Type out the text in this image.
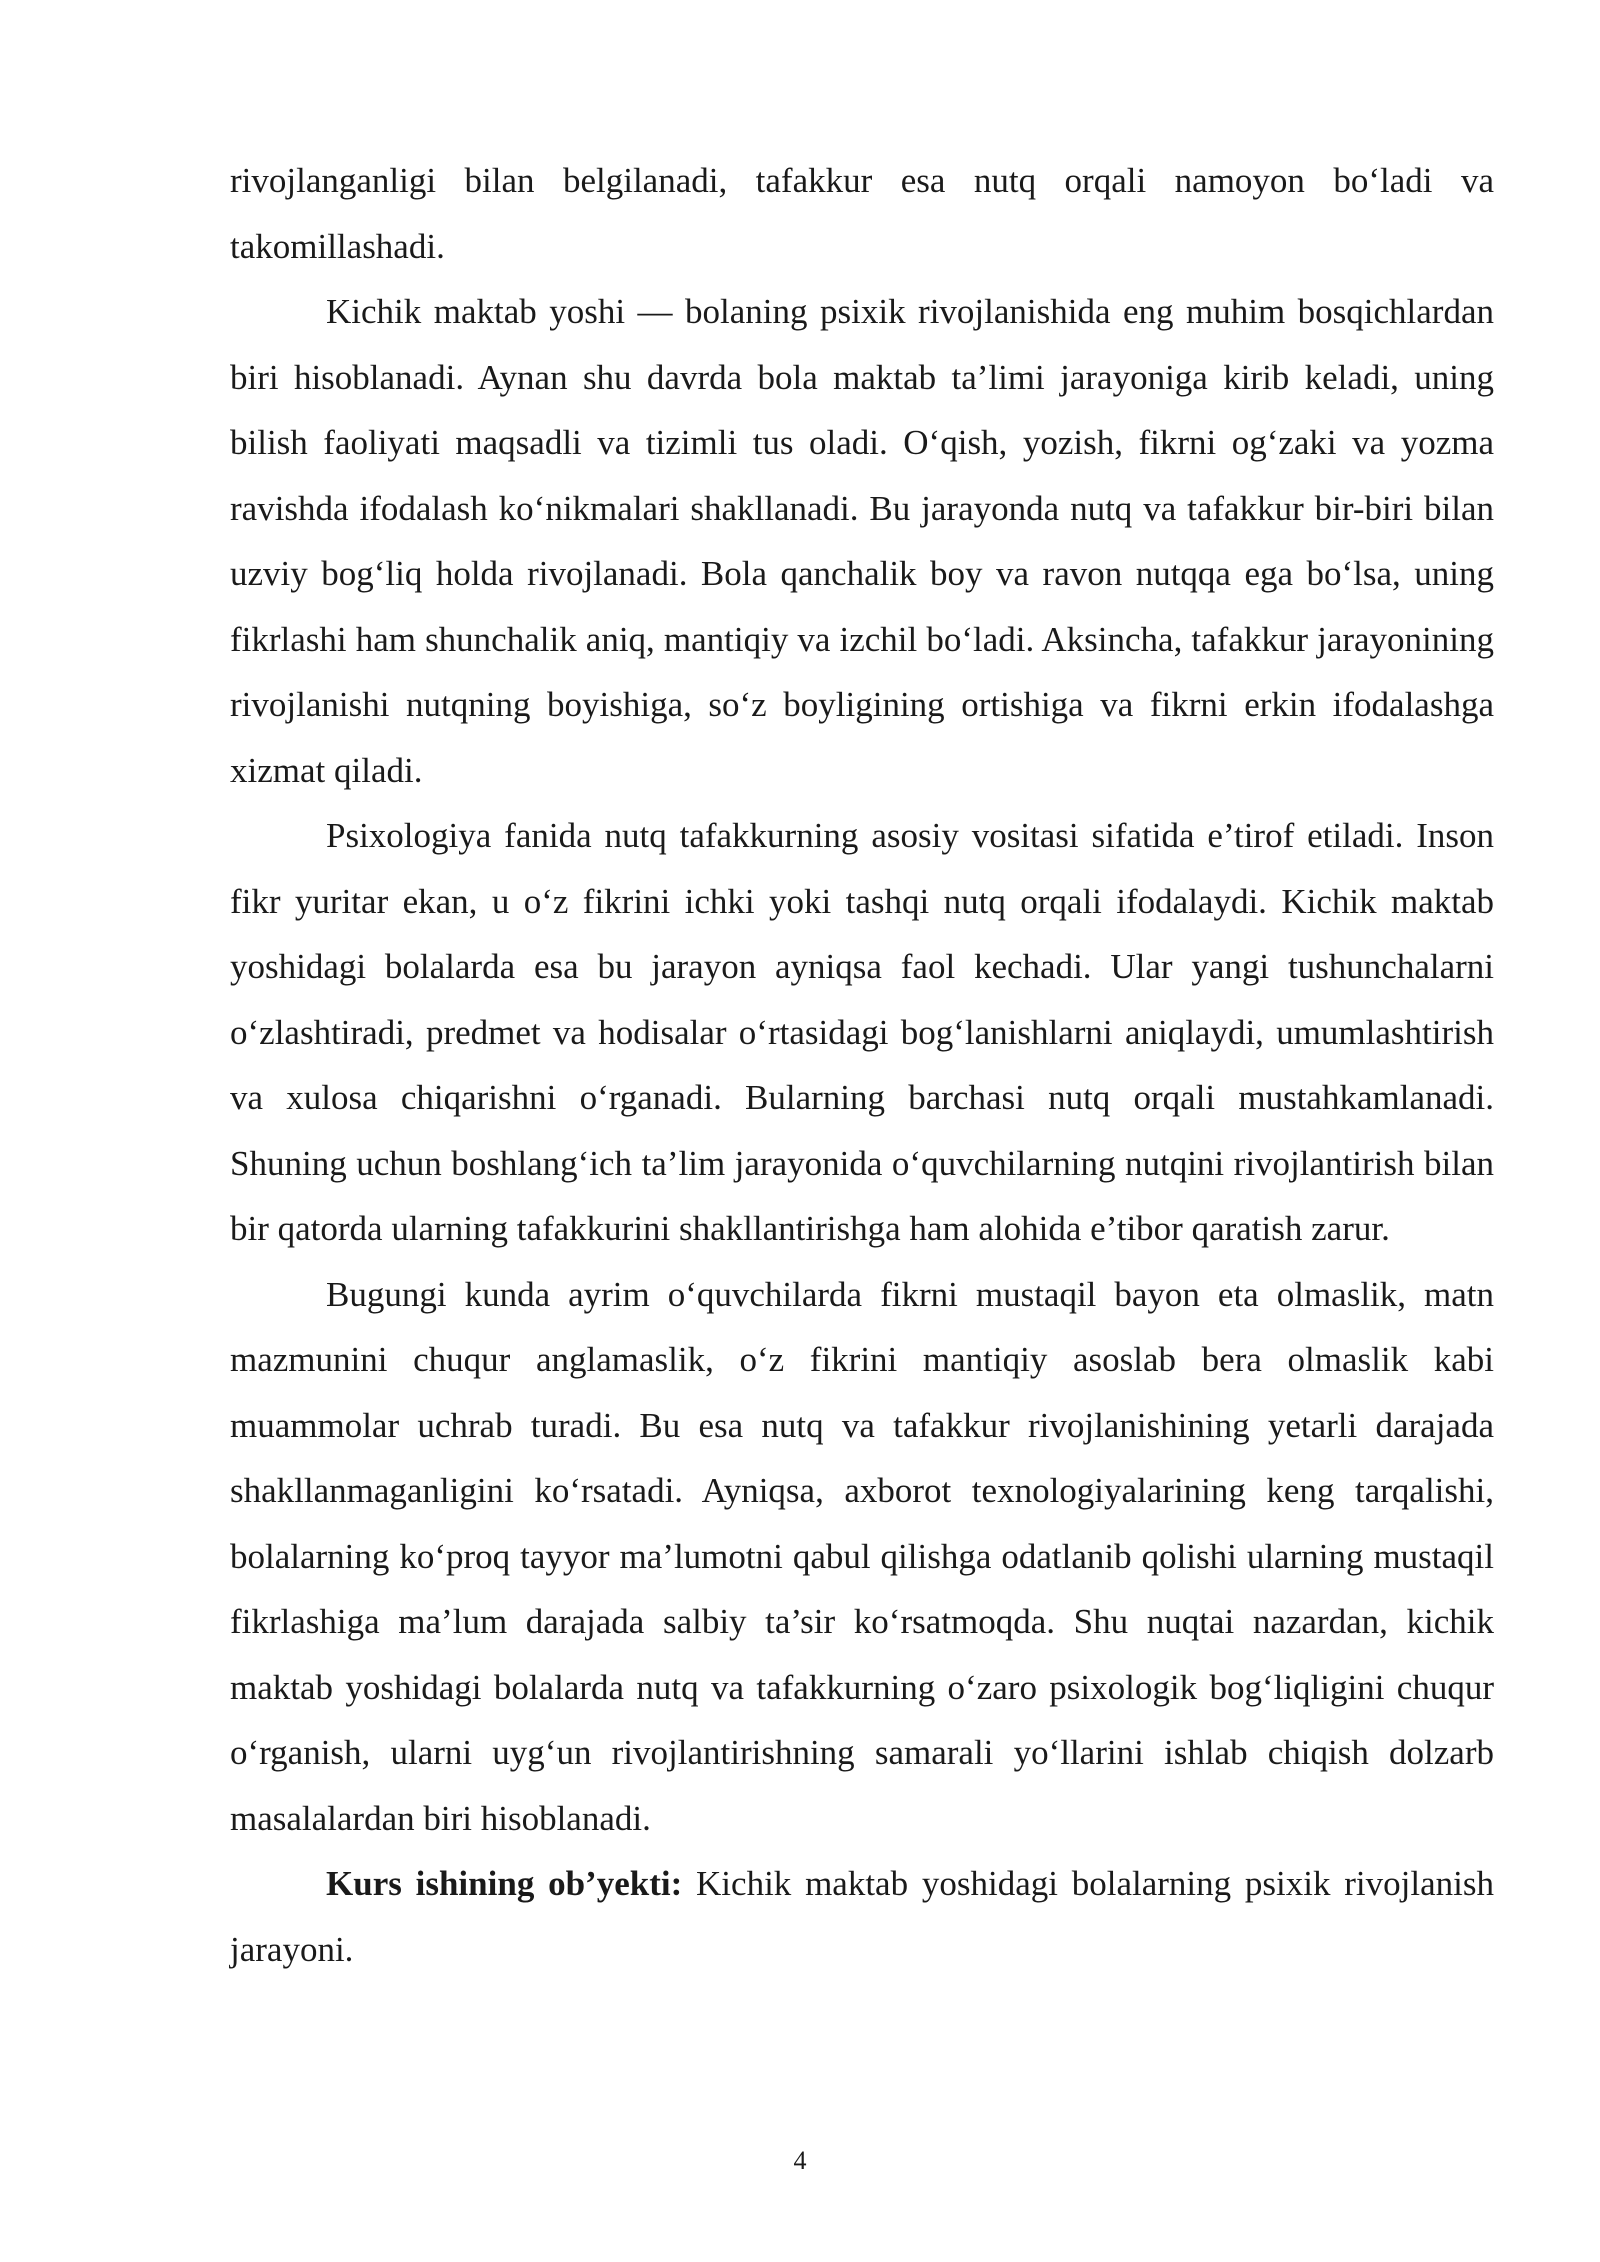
rivojlanganligi bilan belgilanadi, tafakkur esa nutq orqali namoyon bo‘ladi va takomillashadi.

Kichik maktab yoshi — bolaning psixik rivojlanishida eng muhim bosqichlardan biri hisoblanadi. Aynan shu davrda bola maktab ta’limi jarayoniga kirib keladi, uning bilish faoliyati maqsadli va tizimli tus oladi. O‘qish, yozish, fikrni og‘zaki va yozma ravishda ifodalash ko‘nikmalari shakllanadi. Bu jarayonda nutq va tafakkur bir-biri bilan uzviy bog‘liq holda rivojlanadi. Bola qanchalik boy va ravon nutqqa ega bo‘lsa, uning fikrlashi ham shunchalik aniq, mantiqiy va izchil bo‘ladi. Aksincha, tafakkur jarayonining rivojlanishi nutqning boyishiga, so‘z boyligining ortishiga va fikrni erkin ifodalashga xizmat qiladi.

Psixologiya fanida nutq tafakkurning asosiy vositasi sifatida e’tirof etiladi. Inson fikr yuritar ekan, u o‘z fikrini ichki yoki tashqi nutq orqali ifodalaydi. Kichik maktab yoshidagi bolalarda esa bu jarayon ayniqsa faol kechadi. Ular yangi tushunchalarni o‘zlashtiradi, predmet va hodisalar o‘rtasidagi bog‘lanishlarni aniqlaydi, umumlashtirish va xulosa chiqarishni o‘rganadi. Bularning barchasi nutq orqali mustahkamlanadi. Shuning uchun boshlang‘ich ta’lim jarayonida o‘quvchilarning nutqini rivojlantirish bilan bir qatorda ularning tafakkurini shakllantirishga ham alohida e’tibor qaratish zarur.

Bugungi kunda ayrim o‘quvchilarda fikrni mustaqil bayon eta olmaslik, matn mazmunini chuqur anglamaslik, o‘z fikrini mantiqiy asoslab bera olmaslik kabi muammolar uchrab turadi. Bu esa nutq va tafakkur rivojlanishining yetarli darajada shakllanmaganligini ko‘rsatadi. Ayniqsa, axborot texnologiyalarining keng tarqalishi, bolalarning ko‘proq tayyor ma’lumotni qabul qilishga odatlanib qolishi ularning mustaqil fikrlashiga ma’lum darajada salbiy ta’sir ko‘rsatmoqda. Shu nuqtai nazardan, kichik maktab yoshidagi bolalarda nutq va tafakkurning o‘zaro psixologik bog‘liqligini chuqur o‘rganish, ularni uyg‘un rivojlantirishning samarali yo‘llarini ishlab chiqish dolzarb masalalardan biri hisoblanadi.

Kurs ishining ob’yekti: Kichik maktab yoshidagi bolalarning psixik rivojlanish jarayoni.

4
